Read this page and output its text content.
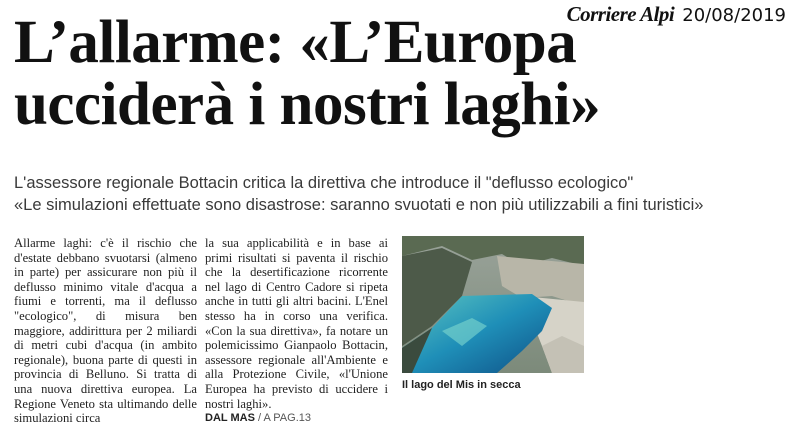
Corriere Alpi 20/08/2019
L’allarme: «L’Europa
ucciderà i nostri laghi»
L'assessore regionale Bottacin critica la direttiva che introduce il "deflusso ecologico"
«Le simulazioni effettuate sono disastrose: saranno svuotati e non più utilizzabili a fini turistici»
Allarme laghi: c'è il rischio che d'estate debbano svuotarsi (almeno in parte) per assicurare non più il deflusso minimo vitale d'acqua a fiumi e torrenti, ma il deflusso "ecologico", di misura ben maggiore, addirittura per 2 miliardi di metri cubi d'acqua (in ambito regionale), buona parte di questi in provincia di Belluno. Si tratta di una nuova direttiva europea. La Regione Veneto sta ultimando delle simulazioni circa
la sua applicabilità e in base ai primi risultati si paventa il rischio che la desertificazione ricorrente nel lago di Centro Cadore si ripeta anche in tutti gli altri bacini. L'Enel stesso ha in corso una verifica. «Con la sua direttiva», fa notare un polemicissimo Gianpaolo Bottacin, assessore regionale all'Ambiente e alla Protezione Civile, «l'Unione Europea ha previsto di uccidere i nostri laghi».
DAL MAS / A PAG.13
Il lago del Mis in secca
